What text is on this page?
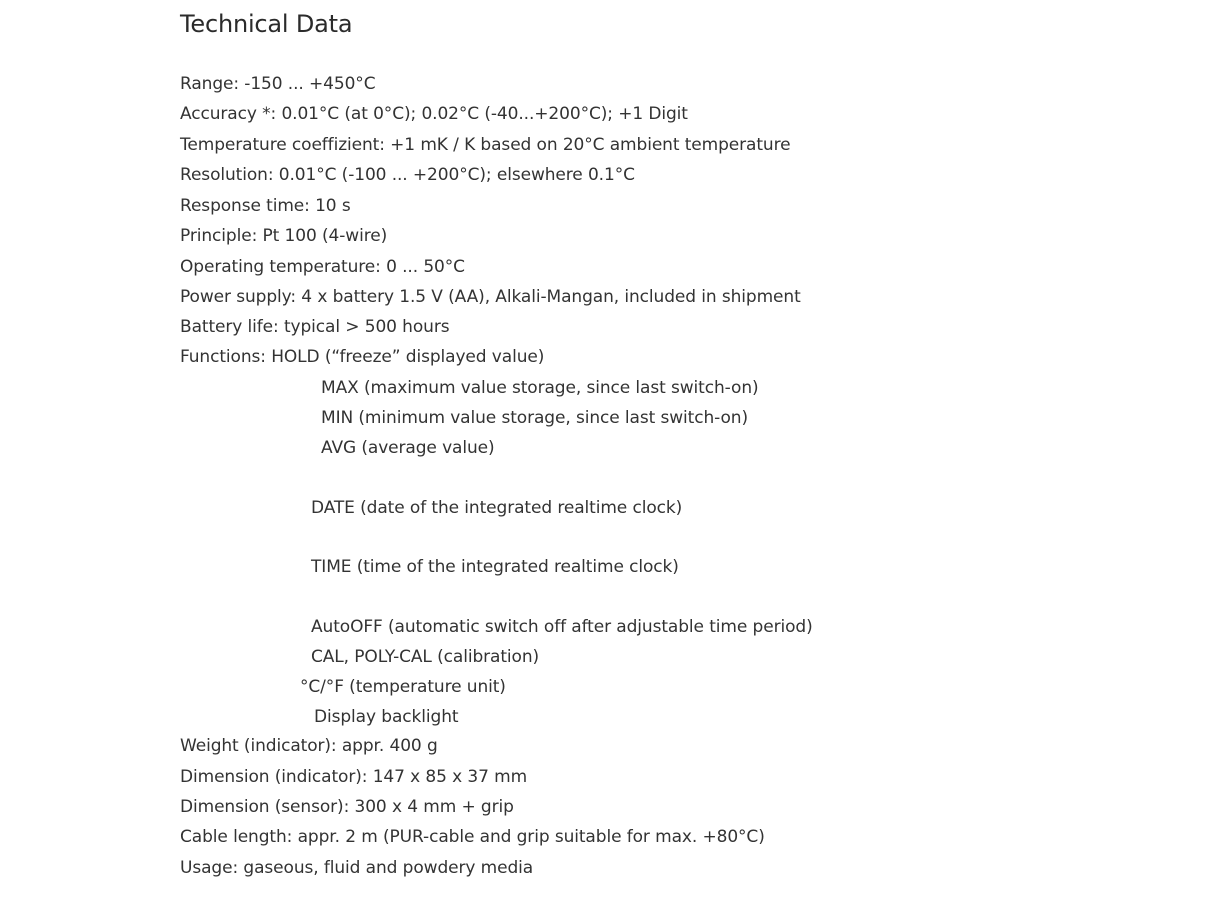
Technical Data
Range: -150 ... +450°C
Accuracy *: 0.01°C (at 0°C); 0.02°C (-40...+200°C); +1 Digit
Temperature coeffizient: +1 mK / K based on 20°C ambient temperature
Resolution: 0.01°C (-100 ... +200°C); elsewhere 0.1°C
Response time: 10 s
Principle: Pt 100 (4-wire)
Operating temperature: 0 ... 50°C
Power supply: 4 x battery 1.5 V (AA), Alkali-Mangan, included in shipment
Battery life: typical > 500 hours
Functions: HOLD (“freeze” displayed value)
MAX (maximum value storage, since last switch-on)
MIN (minimum value storage, since last switch-on)
AVG (average value)
DATE (date of the integrated realtime clock)
TIME (time of the integrated realtime clock)
AutoOFF (automatic switch off after adjustable time period)
CAL, POLY-CAL (calibration)
°C/°F (temperature unit)
Display backlight
Weight (indicator): appr. 400 g
Dimension (indicator): 147 x 85 x 37 mm
Dimension (sensor): 300 x 4 mm + grip
Cable length: appr. 2 m (PUR-cable and grip suitable for max. +80°C)
Usage: gaseous, fluid and powdery media
